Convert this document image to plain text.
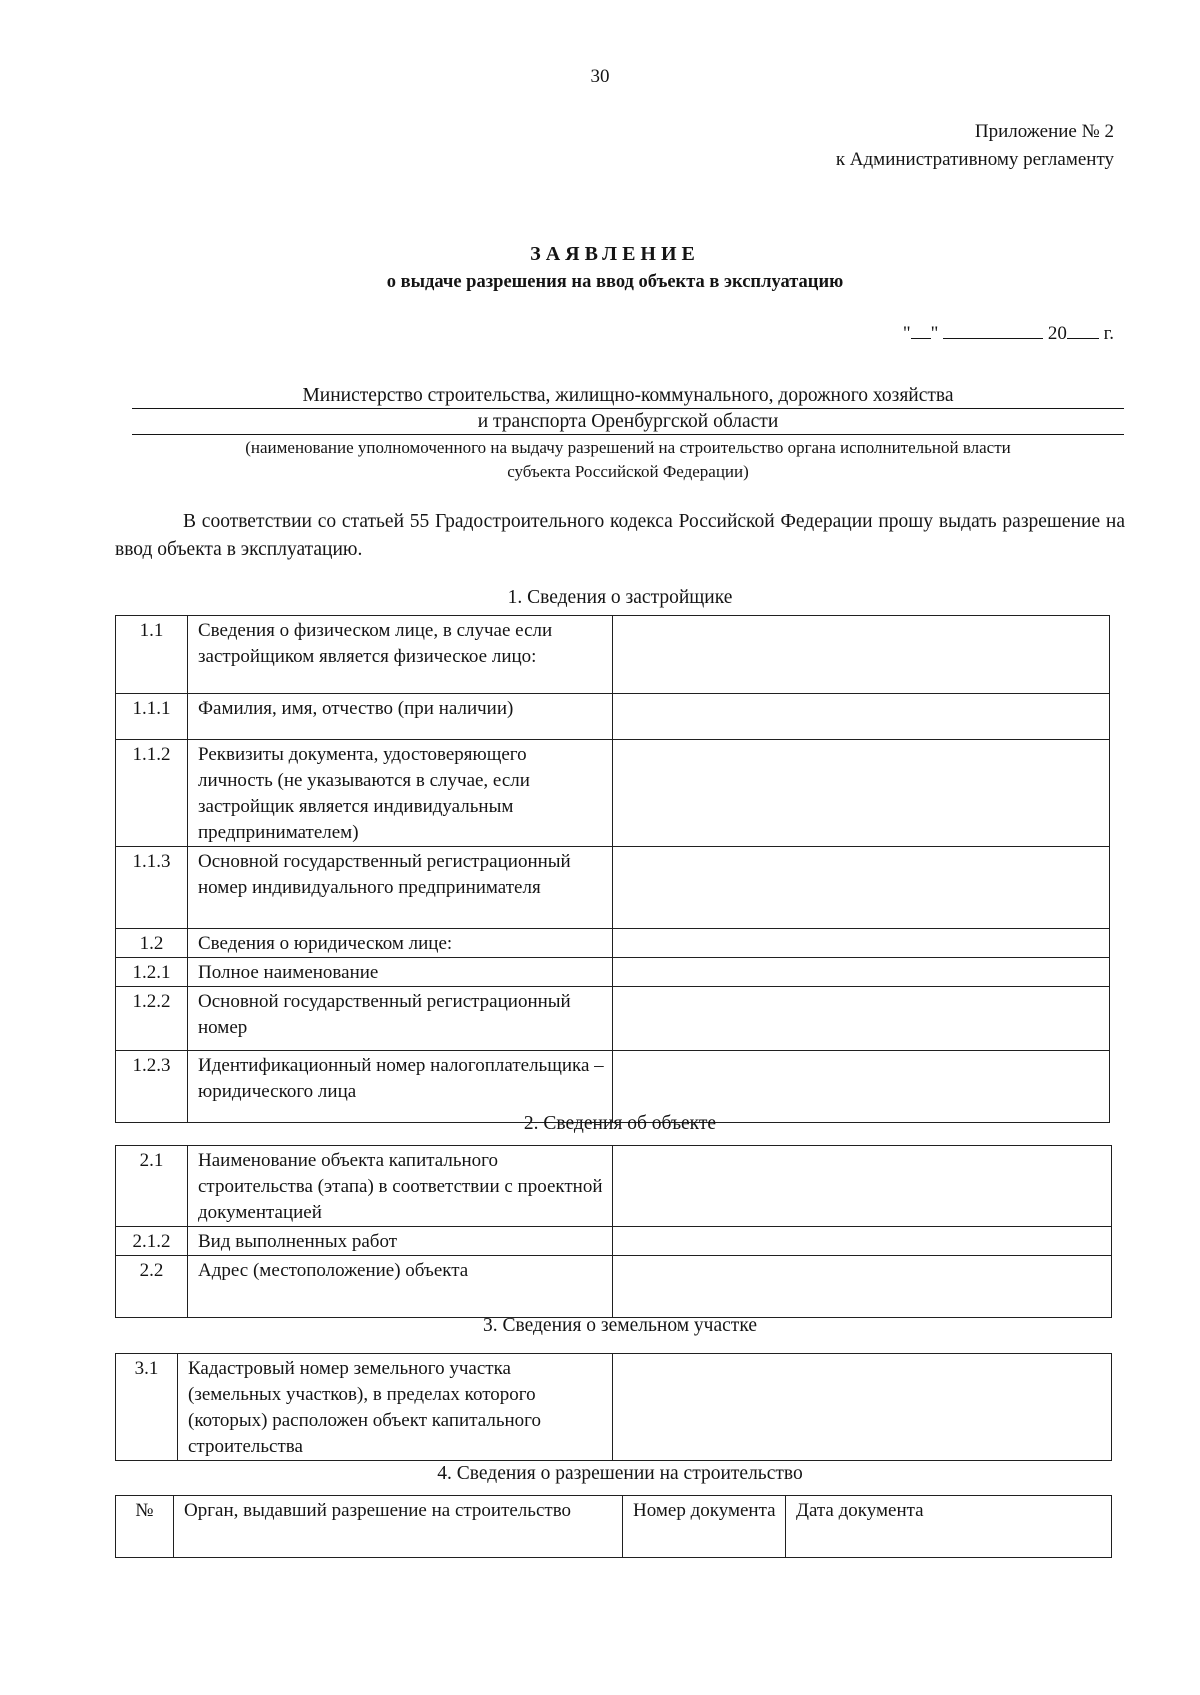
30
Приложение № 2
к Административному регламенту
ЗАЯВЛЕНИЕ
о выдаче разрешения на ввод объекта в эксплуатацию
" "	20 г.
Министерство строительства, жилищно-коммунального, дорожного хозяйства
и транспорта Оренбургской области
(наименование уполномоченного на выдачу разрешений на строительство органа исполнительной власти
субъекта Российской Федерации)
В соответствии со статьей 55 Градостроительного кодекса Российской Федерации прошу выдать разрешение на ввод объекта в эксплуатацию.
1. Сведения о застройщике
1.1	Сведения о физическом лице, в случае если застройщиком является физическое лицо:	
1.1.1	Фамилия, имя, отчество (при наличии)	
1.1.2	Реквизиты документа, удостоверяющего личность (не указываются в случае, если застройщик является индивидуальным предпринимателем)	
1.1.3	Основной государственный регистрационный номер индивидуального предпринимателя	
1.2	Сведения о юридическом лице:	
1.2.1	Полное наименование	
1.2.2	Основной государственный регистрационный номер	
1.2.3	Идентификационный номер налогоплательщика – юридического лица	
2. Сведения об объекте
2.1	Наименование объекта капитального строительства (этапа) в соответствии с проектной документацией	
2.1.2	Вид выполненных работ	
2.2	Адрес (местоположение) объекта	
3. Сведения о земельном участке
3.1	Кадастровый номер земельного участка (земельных участков), в пределах которого (которых) расположен объект капитального строительства	
4. Сведения о разрешении на строительство
№	Орган, выдавший разрешение на строительство	Номер документа	Дата документа
